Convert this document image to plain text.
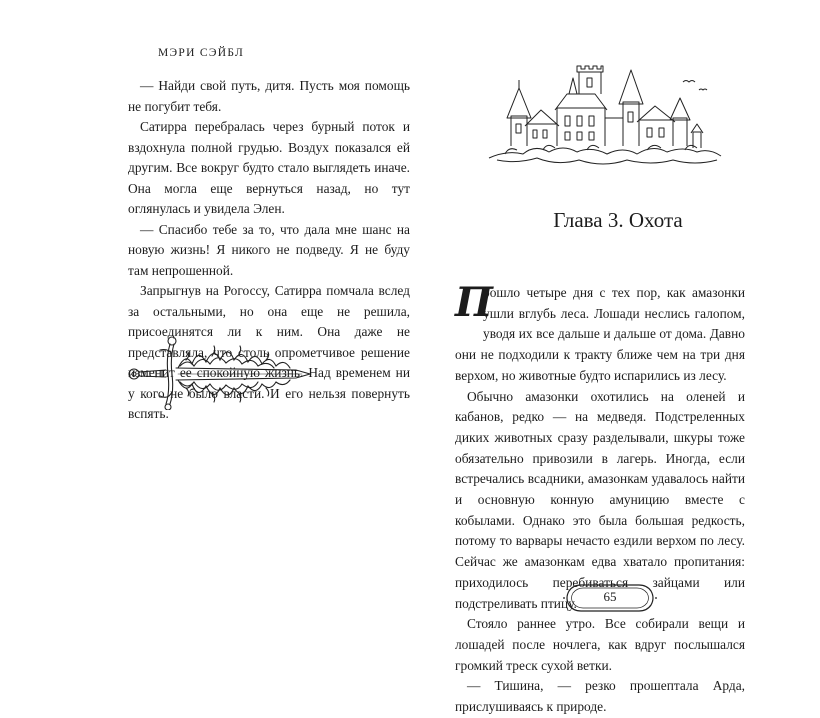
МЭРИ СЭЙБЛ

— Найди свой путь, дитя. Пусть моя помощь не погубит тебя.

Сатирра перебралась через бурный поток и вздохнула полной грудью. Воздух показался ей другим. Все вокруг будто стало выглядеть иначе. Она могла еще вернуться назад, но тут оглянулась и увидела Элен.

— Спасибо тебе за то, что дала мне шанс на новую жизнь! Я никого не подведу. Я не буду там непрошенной.

Запрыгнув на Рогоссу, Сатирра помчала вслед за остальными, но она еще не решила, присоединятся ли к ним. Она даже не представляла, что столь опрометчивое решение изменит ее спокойную жизнь. Над временем ни у кого не было власти. И его нельзя повернуть вспять.

Глава 3. Охота

П
рошло четыре дня с тех пор, как амазонки ушли вглубь леса. Лошади неслись галопом, уводя их все дальше и дальше от дома. Давно они не подходили к тракту ближе чем на три дня верхом, но животные будто испарились из лесу.

Обычно амазонки охотились на оленей и кабанов, редко — на медведя. Подстреленных диких животных сразу разделывали, шкуры тоже обязательно привозили в лагерь. Иногда, если встречались всадники, амазонкам удавалось найти и основную конную амуницию вместе с кобылами. Однако это была большая редкость, потому то варвары нечасто ездили верхом по лесу. Сейчас же амазонкам едва хватало пропитания: приходилось перебиваться зайцами или подстреливать птицу.

Стояло раннее утро. Все собирали вещи и лошадей после ночлега, как вдруг послышался громкий треск сухой ветки.

— Тишина, — резко прошептала Арда, прислушиваясь к природе.

65
